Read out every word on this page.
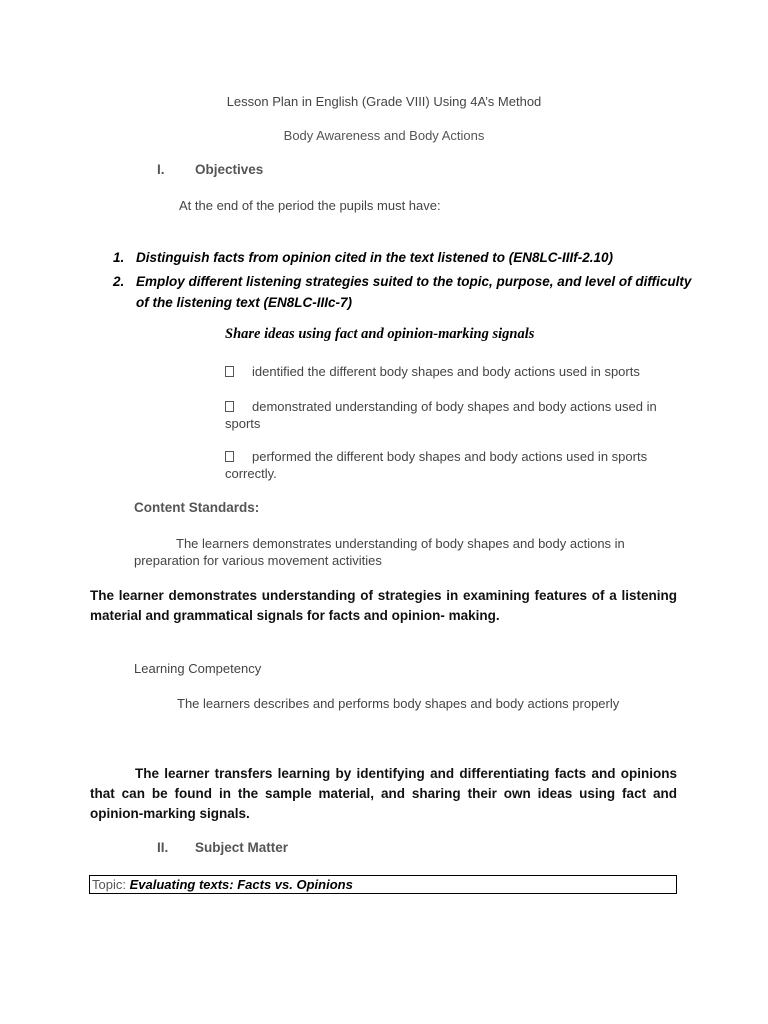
Lesson Plan in English (Grade VIII) Using 4A’s Method
Body Awareness and Body Actions
I. Objectives
At the end of the period the pupils must have:
1. Distinguish facts from opinion cited in the text listened to (EN8LC-IIIf-2.10)
2. Employ different listening strategies suited to the topic, purpose, and level of difficulty of the listening text (EN8LC-IIIc-7)
Share ideas using fact and opinion-marking signals
identified the different body shapes and body actions used in sports
demonstrated understanding of body shapes and body actions used in sports
performed the different body shapes and body actions used in sports correctly.
Content Standards:
The learners demonstrates understanding of body shapes and body actions in preparation for various movement activities
The learner demonstrates understanding of strategies in examining features of a listening material and grammatical signals for facts and opinion- making.
Learning Competency
The learners describes and performs body shapes and body actions properly
The learner transfers learning by identifying and differentiating facts and opinions that can be found in the sample material, and sharing their own ideas using fact and opinion-marking signals.
II. Subject Matter
Topic: Evaluating texts: Facts vs. Opinions
